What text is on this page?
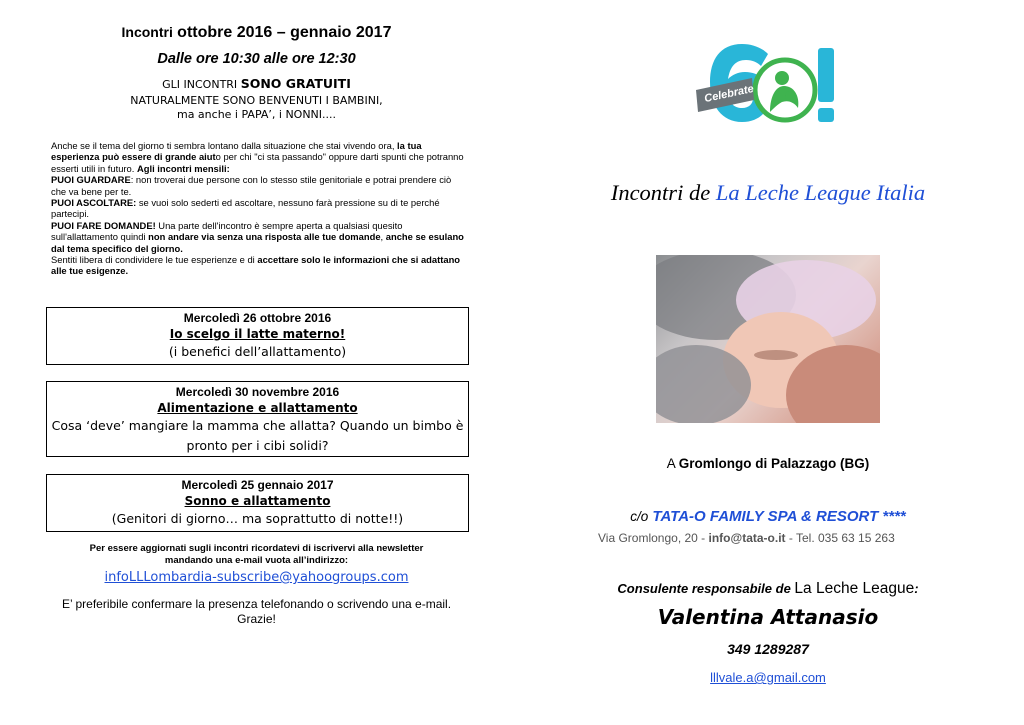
Incontri ottobre 2016 – gennaio 2017
Dalle ore 10:30 alle ore 12:30
GLI INCONTRI SONO GRATUITI
NATURALMENTE SONO BENVENUTI I BAMBINI,
ma anche i PAPA’, i NONNI....
Anche se il tema del giorno ti sembra lontano dalla situazione che stai vivendo ora, la tua esperienza può essere di grande aiuto per chi "ci sta passando" oppure darti spunti che potranno esserti utili in futuro. Agli incontri mensili:
PUOI GUARDARE: non troverai due persone con lo stesso stile genitoriale e potrai prendere ciò che va bene per te.
PUOI ASCOLTARE: se vuoi solo sederti ed ascoltare, nessuno farà pressione su di te perché partecipi.
PUOI FARE DOMANDE! Una parte dell'incontro è sempre aperta a qualsiasi quesito sull'allattamento quindi non andare via senza una risposta alle tue domande, anche se esulano dal tema specifico del giorno.
Sentiti libera di condividere le tue esperienze e di accettare solo le informazioni che si adattano alle tue esigenze.
Mercoledì 26 ottobre 2016
Io scelgo il latte materno!
(i benefici dell’allattamento)
Mercoledì 30 novembre 2016
Alimentazione e allattamento
Cosa ‘deve’ mangiare la mamma che allatta? Quando un bimbo è
pronto per i cibi solidi?
Mercoledì 25 gennaio 2017
Sonno e allattamento
(Genitori di giorno… ma soprattutto di notte!!)
Per essere aggiornati sugli incontri ricordatevi di iscrivervi alla newsletter
mandando una e-mail vuota all’indirizzo:
infoLLLombardia-subscribe@yahoogroups.com
E’ preferibile confermare la presenza telefonando o scrivendo una e-mail.
Grazie!
Celebrate
Incontri de La Leche League Italia
A Gromlongo di Palazzago (BG)
c/o TATA-O FAMILY SPA & RESORT ****
Via Gromlongo, 20 - info@tata-o.it - Tel. 035 63 15 263
Consulente responsabile de La Leche League:
Valentina Attanasio
349 1289287
lllvale.a@gmail.com
